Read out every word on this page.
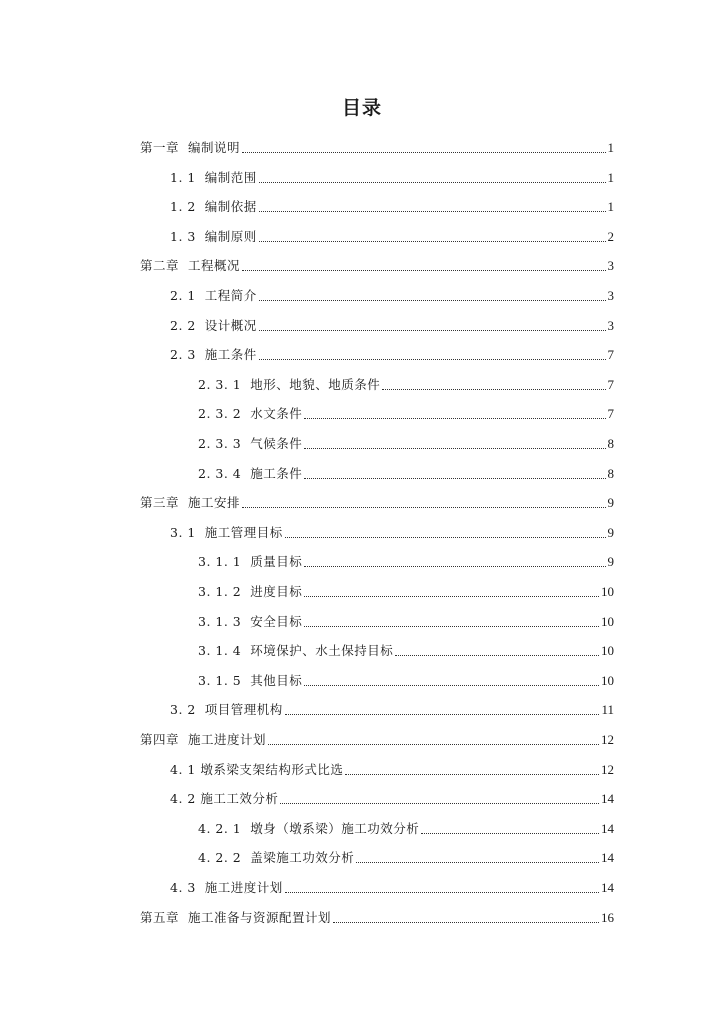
目录
第一章  编制说明	1
1. 1  编制范围	1
1. 2  编制依据	1
1. 3  编制原则	2
第二章  工程概况	3
2. 1  工程简介	3
2. 2  设计概况	3
2. 3  施工条件	7
2. 3. 1  地形、地貌、地质条件	7
2. 3. 2  水文条件	7
2. 3. 3  气候条件	8
2. 3. 4  施工条件	8
第三章  施工安排	9
3. 1  施工管理目标	9
3. 1. 1  质量目标	9
3. 1. 2  进度目标	10
3. 1. 3  安全目标	10
3. 1. 4  环境保护、水土保持目标	10
3. 1. 5  其他目标	10
3. 2  项目管理机构	11
第四章  施工进度计划	12
4. 1 墩系梁支架结构形式比选	12
4. 2 施工工效分析	14
4. 2. 1  墩身（墩系梁）施工功效分析	14
4. 2. 2  盖梁施工功效分析	14
4. 3  施工进度计划	14
第五章  施工准备与资源配置计划	16
